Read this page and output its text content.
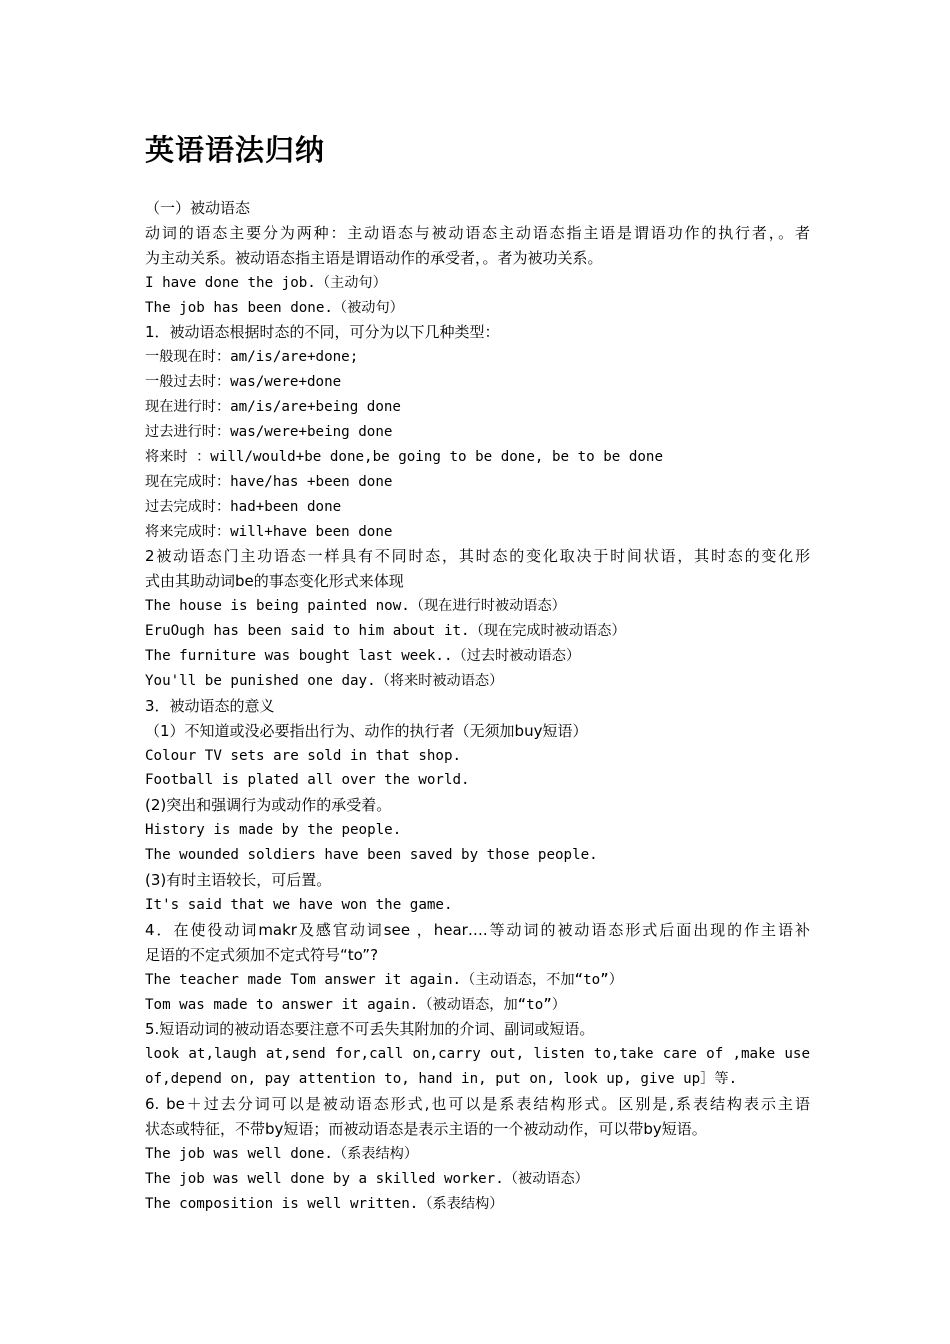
英语语法归纳
（一）被动语态
动词的语态主要分为两种：主动语态与被动语态主动语态指主语是谓语功作的执行者，。者
为主动关系。被动语态指主语是谓语动作的承受者，。者为被功关系。
I have done the job.（主动句）
The job has been done.（被动句）
1．被动语态根据时态的不同，可分为以下几种类型：
一般现在时：am/is/are+done;
一般过去时：was/were+done
现在进行时：am/is/are+being done
过去进行时：was/were+being done
将来时 ：will/would+be done,be going to be done, be to be done
现在完成时：have/has +been done
过去完成时：had+been done
将来完成时：will+have been done
2被动语态门主功语态一样具有不同时态，其时态的变化取决于时间状语，其时态的变化形
式由其助动词be的事态变化形式来体现
The house is being painted now.（现在进行时被动语态）
EruOugh has been said to him about it.（现在完成时被动语态）
The furniture was bought last week..（过去时被动语态）
You'll be punished one day.（将来时被动语态）
3．被动语态的意义
（1）不知道或没必要指出行为、动作的执行者（无须加buy短语）
Colour TV sets are sold in that shop.
Football is plated all over the world.
(2)突出和强调行为或动作的承受着。
History is made by the people.
The wounded soldiers have been saved by those people.
(3)有时主语较长，可后置。
It's said that we have won the game.
4．在使役动词makr及感官动词see ，hear….等动词的被动语态形式后面出现的作主语补
足语的不定式须加不定式符号“to”?
The teacher made Tom answer it again.（主动语态，不加“to”）
Tom was made to answer it again.（被动语态，加“to”）
5.短语动词的被动语态要注意不可丢失其附加的介词、副词或短语。
look at,laugh at,send for,call on,carry out, listen to,take care of ,make use
of,depend on, pay attention to, hand in, put on, look up, give up］等.
6. be＋过去分词可以是被动语态形式,也可以是系表结构形式。区别是,系表结构表示主语
状态或特征，不带by短语；而被动语态是表示主语的一个被动动作，可以带by短语。
The job was well done.（系表结构）
The job was well done by a skilled worker.（被动语态）
The composition is well written.（系表结构）
